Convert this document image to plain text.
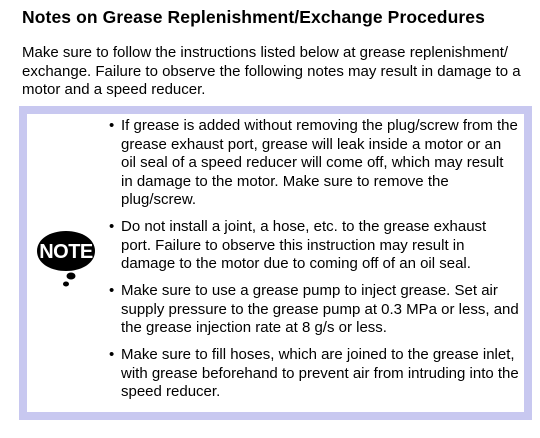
Notes on Grease Replenishment/Exchange Procedures
Make sure to follow the instructions listed below at grease replenishment/ exchange. Failure to observe the following notes may result in damage to a motor and a speed reducer.
NOTE
• If grease is added without removing the plug/screw from the grease exhaust port, grease will leak inside a motor or an oil seal of a speed reducer will come off, which may result in damage to the motor. Make sure to remove the plug/screw.
• Do not install a joint, a hose, etc. to the grease exhaust port. Failure to observe this instruction may result in damage to the motor due to coming off of an oil seal.
• Make sure to use a grease pump to inject grease. Set air supply pressure to the grease pump at 0.3 MPa or less, and the grease injection rate at 8 g/s or less.
• Make sure to fill hoses, which are joined to the grease inlet, with grease beforehand to prevent air from intruding into the speed reducer.
